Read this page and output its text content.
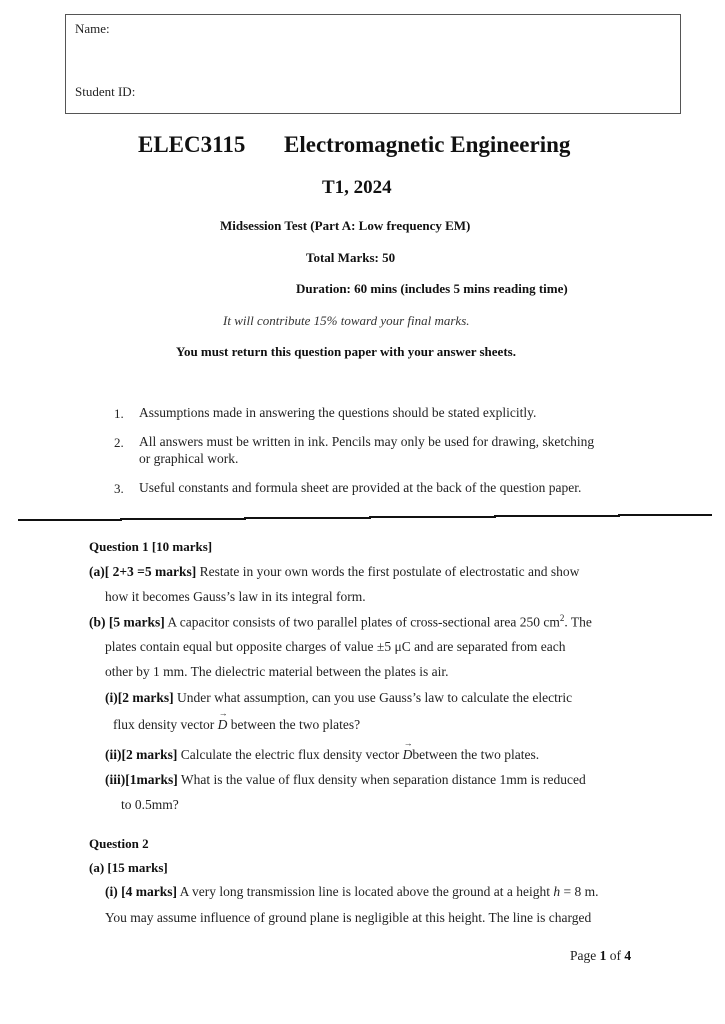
Name:
Student ID:
ELEC3115 Electromagnetic Engineering
T1, 2024
Midsession Test (Part A: Low frequency EM)
Total Marks: 50
Duration: 60 mins (includes 5 mins reading time)
It will contribute 15% toward your final marks.
You must return this question paper with your answer sheets.
1. Assumptions made in answering the questions should be stated explicitly.
2. All answers must be written in ink. Pencils may only be used for drawing, sketching
or graphical work.
3. Useful constants and formula sheet are provided at the back of the question paper.
Question 1 [10 marks]
(a)[ 2+3 =5 marks] Restate in your own words the first postulate of electrostatic and show
how it becomes Gauss’s law in its integral form.
(b) [5 marks] A capacitor consists of two parallel plates of cross-sectional area 250 $cm^2$. The
plates contain equal but opposite charges of value ±5 μC and are separated from each
other by 1 mm. The dielectric material between the plates is air.
(i)[2 marks] Under what assumption, can you use Gauss’s law to calculate the electric
flux density vector → D between the two plates?
(ii)[2 marks] Calculate the electric flux density vector → Dbetween the two plates.
(iii)[1marks] What is the value of flux density when separation distance 1mm is reduced
to 0.5mm?
Question 2
(a) [15 marks]
(i) [4 marks] A very long transmission line is located above the ground at a height h = 8 m.
You may assume influence of ground plane is negligible at this height. The line is charged
Page 1 of 4
